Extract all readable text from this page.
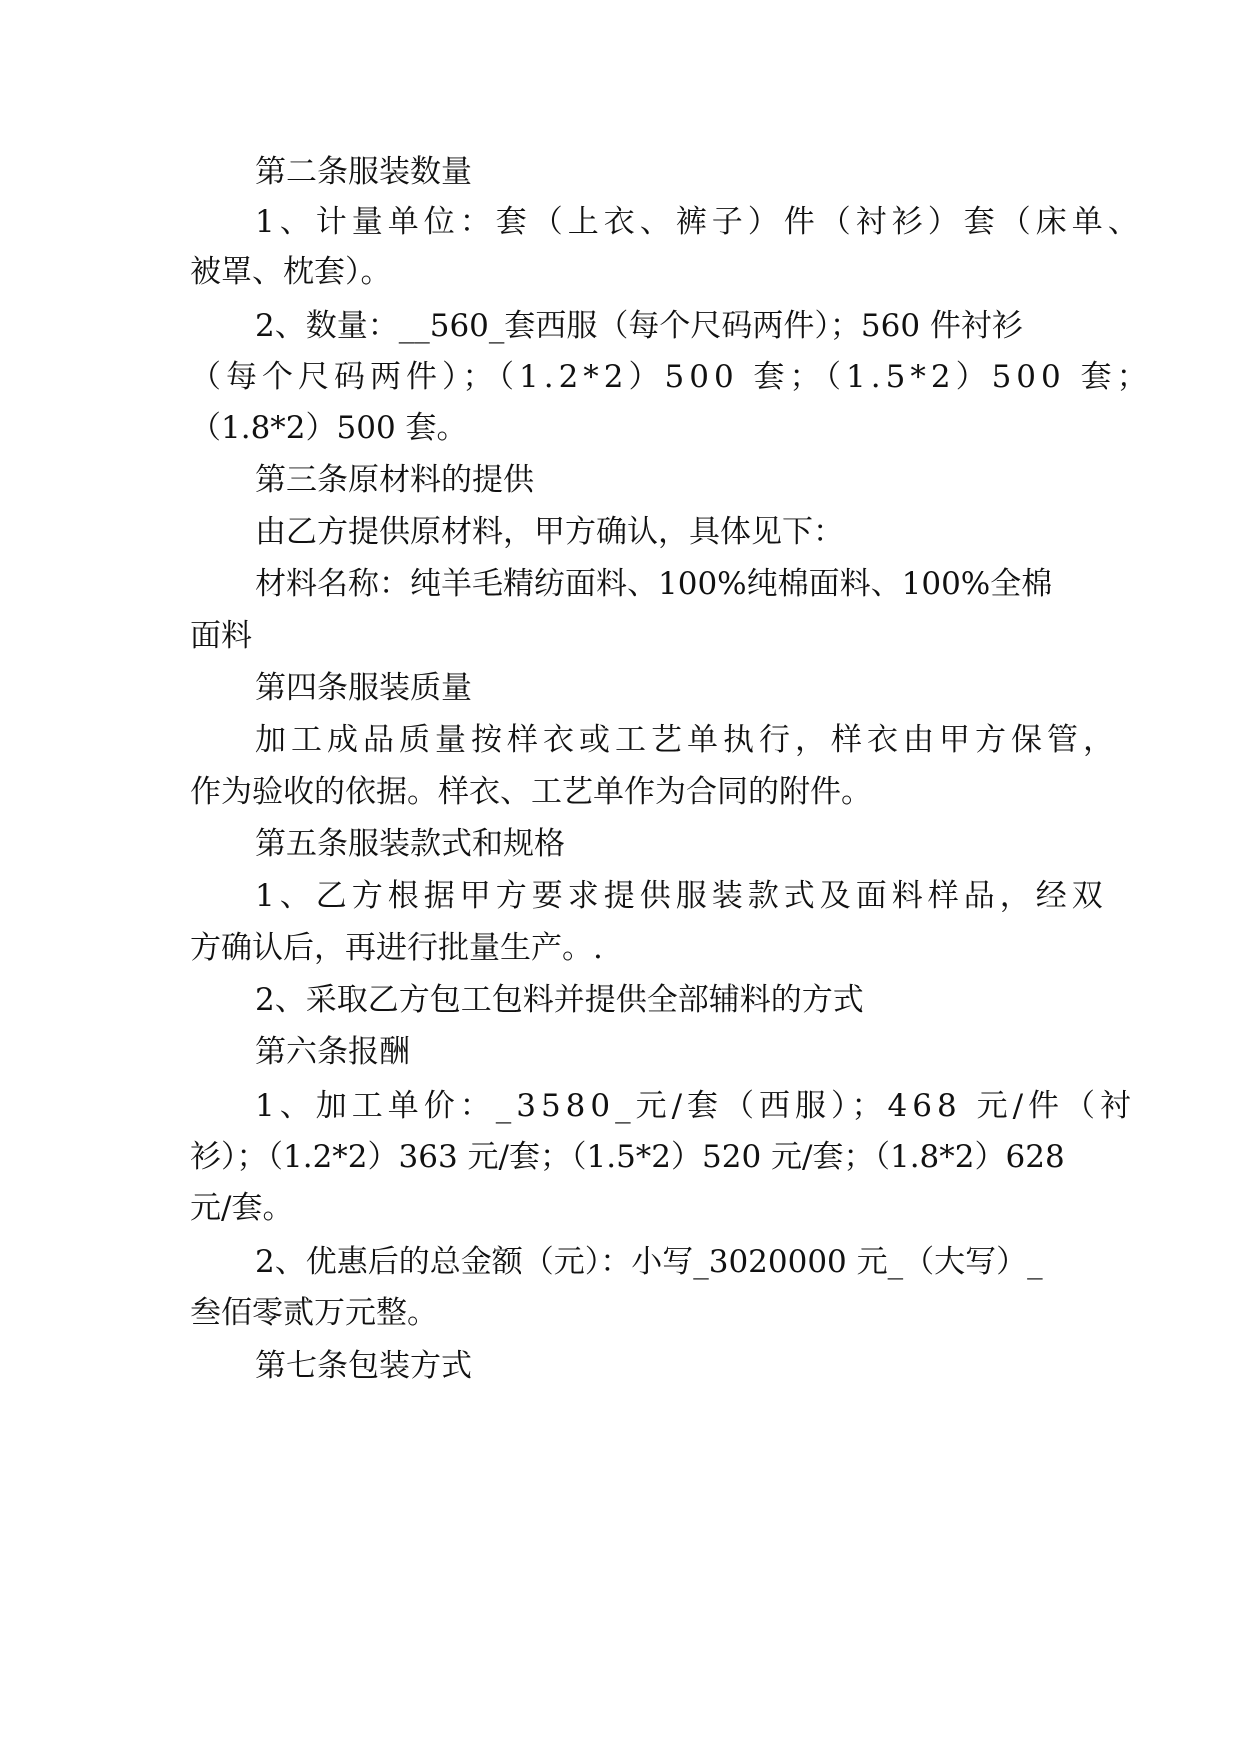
第二条服装数量
1、计量单位：套（上衣、裤子）件（衬衫）套（床单、
被罩、枕套）。
2、数量：__560_套西服（每个尺码两件）；560 件衬衫
（每个尺码两件）；（1.2*2）500 套；（1.5*2）500 套；
（1.8*2）500 套。
第三条原材料的提供
由乙方提供原材料，甲方确认，具体见下：
材料名称：纯羊毛精纺面料、100%纯棉面料、100%全棉
面料
第四条服装质量
加工成品质量按样衣或工艺单执行，样衣由甲方保管，
作为验收的依据。样衣、工艺单作为合同的附件。
第五条服装款式和规格
1、乙方根据甲方要求提供服装款式及面料样品，经双
方确认后，再进行批量生产。.
2、采取乙方包工包料并提供全部辅料的方式
第六条报酬
1、加工单价：_3580_元/套（西服）；468 元/件（衬
衫）；（1.2*2）363 元/套；（1.5*2）520 元/套；（1.8*2）628
元/套。
2、优惠后的总金额（元）：小写_3020000 元_（大写）_
叁佰零贰万元整。
第七条包装方式
